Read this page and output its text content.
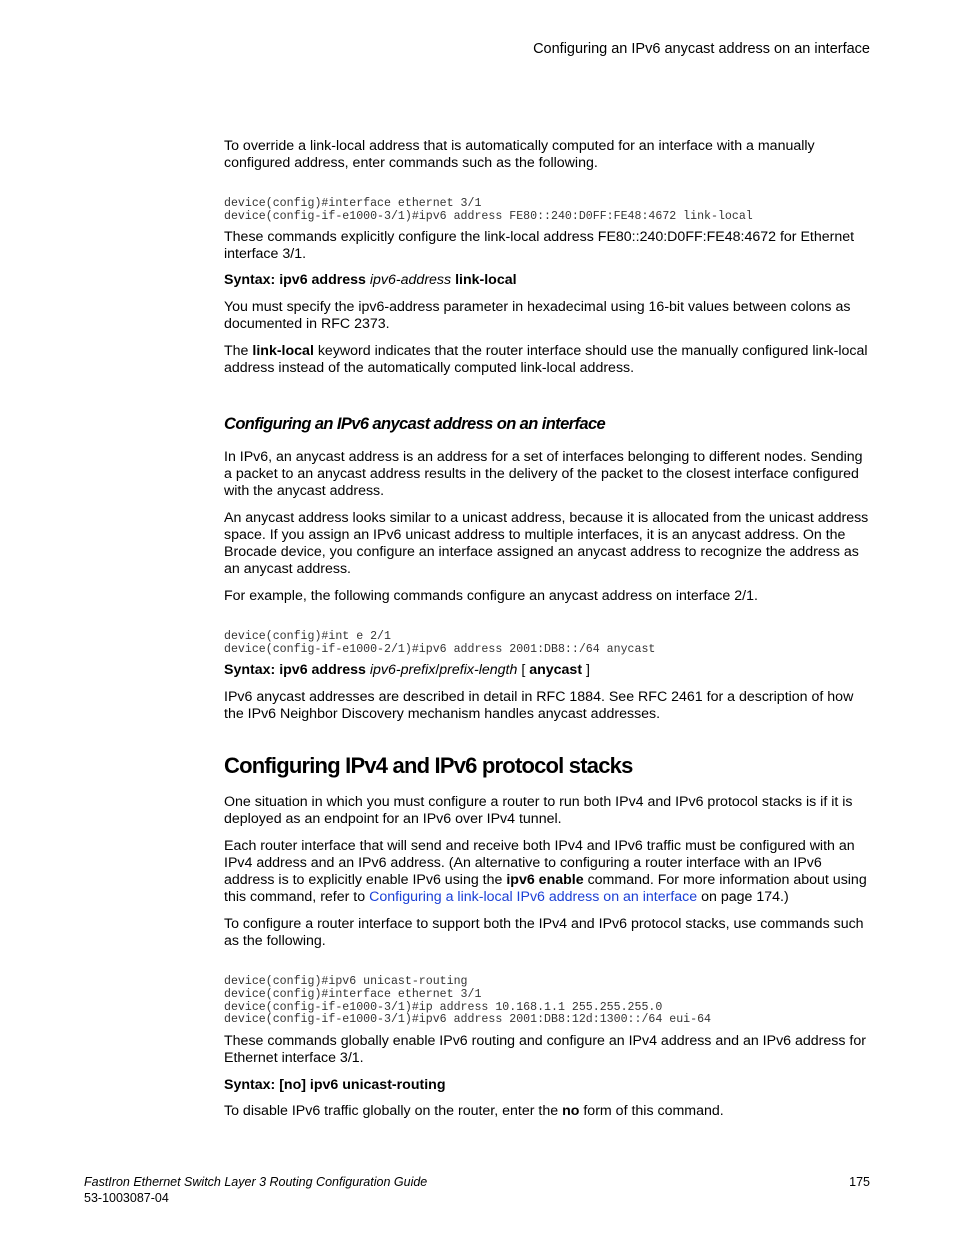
Configuring an IPv6 anycast address on an interface

To override a link-local address that is automatically computed for an interface with a manually configured address, enter commands such as the following.

device(config)#interface ethernet 3/1
device(config-if-e1000-3/1)#ipv6 address FE80::240:D0FF:FE48:4672 link-local

These commands explicitly configure the link-local address FE80::240:D0FF:FE48:4672 for Ethernet interface 3/1.

Syntax: ipv6 address ipv6-address link-local

You must specify the ipv6-address parameter in hexadecimal using 16-bit values between colons as documented in RFC 2373.

The link-local keyword indicates that the router interface should use the manually configured link-local address instead of the automatically computed link-local address.

Configuring an IPv6 anycast address on an interface

In IPv6, an anycast address is an address for a set of interfaces belonging to different nodes. Sending a packet to an anycast address results in the delivery of the packet to the closest interface configured with the anycast address.

An anycast address looks similar to a unicast address, because it is allocated from the unicast address space. If you assign an IPv6 unicast address to multiple interfaces, it is an anycast address. On the Brocade device, you configure an interface assigned an anycast address to recognize the address as an anycast address.

For example, the following commands configure an anycast address on interface 2/1.

device(config)#int e 2/1
device(config-if-e1000-2/1)#ipv6 address 2001:DB8::/64 anycast

Syntax: ipv6 address ipv6-prefix/prefix-length [ anycast ]

IPv6 anycast addresses are described in detail in RFC 1884. See RFC 2461 for a description of how the IPv6 Neighbor Discovery mechanism handles anycast addresses.

Configuring IPv4 and IPv6 protocol stacks

One situation in which you must configure a router to run both IPv4 and IPv6 protocol stacks is if it is deployed as an endpoint for an IPv6 over IPv4 tunnel.

Each router interface that will send and receive both IPv4 and IPv6 traffic must be configured with an IPv4 address and an IPv6 address. (An alternative to configuring a router interface with an IPv6 address is to explicitly enable IPv6 using the ipv6 enable command. For more information about using this command, refer to Configuring a link-local IPv6 address on an interface on page 174.)

To configure a router interface to support both the IPv4 and IPv6 protocol stacks, use commands such as the following.

device(config)#ipv6 unicast-routing
device(config)#interface ethernet 3/1
device(config-if-e1000-3/1)#ip address 10.168.1.1 255.255.255.0
device(config-if-e1000-3/1)#ipv6 address 2001:DB8:12d:1300::/64 eui-64

These commands globally enable IPv6 routing and configure an IPv4 address and an IPv6 address for Ethernet interface 3/1.

Syntax: [no] ipv6 unicast-routing

To disable IPv6 traffic globally on the router, enter the no form of this command.

FastIron Ethernet Switch Layer 3 Routing Configuration Guide
53-1003087-04
175
